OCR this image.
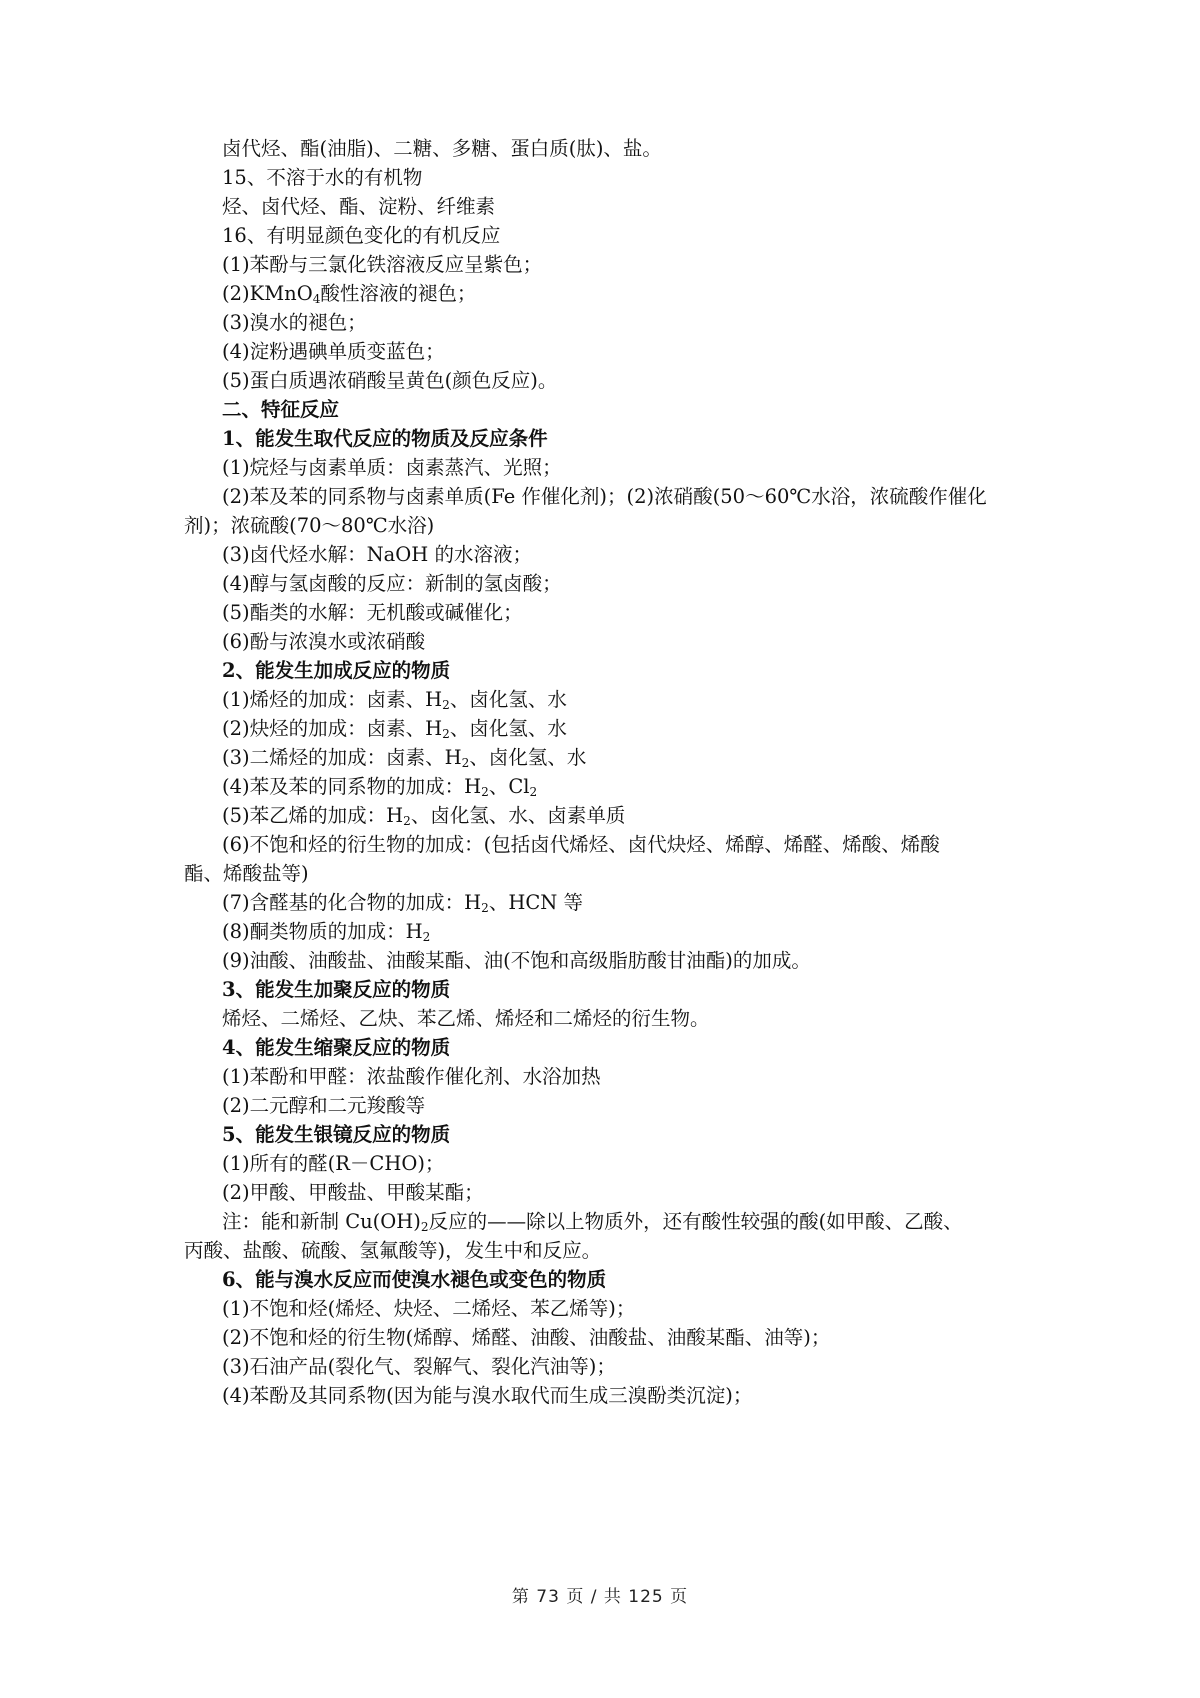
卤代烃、酯(油脂)、二糖、多糖、蛋白质(肽)、盐。
15、不溶于水的有机物
烃、卤代烃、酯、淀粉、纤维素
16、有明显颜色变化的有机反应
(1)苯酚与三氯化铁溶液反应呈紫色；
(2)KMnO$_4$酸性溶液的褪色；
(3)溴水的褪色；
(4)淀粉遇碘单质变蓝色；
(5)蛋白质遇浓硝酸呈黄色(颜色反应)。
二、特征反应
1、能发生取代反应的物质及反应条件
(1)烷烃与卤素单质：卤素蒸汽、光照；
(2)苯及苯的同系物与卤素单质(Fe 作催化剂)；(2)浓硝酸(50～60℃水浴，浓硫酸作催化
剂)；浓硫酸(70～80℃水浴)
(3)卤代烃水解：NaOH 的水溶液；
(4)醇与氢卤酸的反应：新制的氢卤酸；
(5)酯类的水解：无机酸或碱催化；
(6)酚与浓溴水或浓硝酸
2、能发生加成反应的物质
(1)烯烃的加成：卤素、$H_2$、卤化氢、水
(2)炔烃的加成：卤素、$H_2$、卤化氢、水
(3)二烯烃的加成：卤素、$H_2$、卤化氢、水
(4)苯及苯的同系物的加成：$H_2$、$Cl_2$
(5)苯乙烯的加成：$H_2$、卤化氢、水、卤素单质
(6)不饱和烃的衍生物的加成：(包括卤代烯烃、卤代炔烃、烯醇、烯醛、烯酸、烯酸
酯、烯酸盐等)
(7)含醛基的化合物的加成：$H_2$、HCN 等
(8)酮类物质的加成：$H_2$
(9)油酸、油酸盐、油酸某酯、油(不饱和高级脂肪酸甘油酯)的加成。
3、能发生加聚反应的物质
烯烃、二烯烃、乙炔、苯乙烯、烯烃和二烯烃的衍生物。
4、能发生缩聚反应的物质
(1)苯酚和甲醛：浓盐酸作催化剂、水浴加热
(2)二元醇和二元羧酸等
5、能发生银镜反应的物质
(1)所有的醛(R－CHO)；
(2)甲酸、甲酸盐、甲酸某酯；
注：能和新制 $Cu(OH)_2$反应的——除以上物质外，还有酸性较强的酸(如甲酸、乙酸、
丙酸、盐酸、硫酸、氢氟酸等)，发生中和反应。
6、能与溴水反应而使溴水褪色或变色的物质
(1)不饱和烃(烯烃、炔烃、二烯烃、苯乙烯等)；
(2)不饱和烃的衍生物(烯醇、烯醛、油酸、油酸盐、油酸某酯、油等)；
(3)石油产品(裂化气、裂解气、裂化汽油等)；
(4)苯酚及其同系物(因为能与溴水取代而生成三溴酚类沉淀)；
第 73 页 / 共 125 页
